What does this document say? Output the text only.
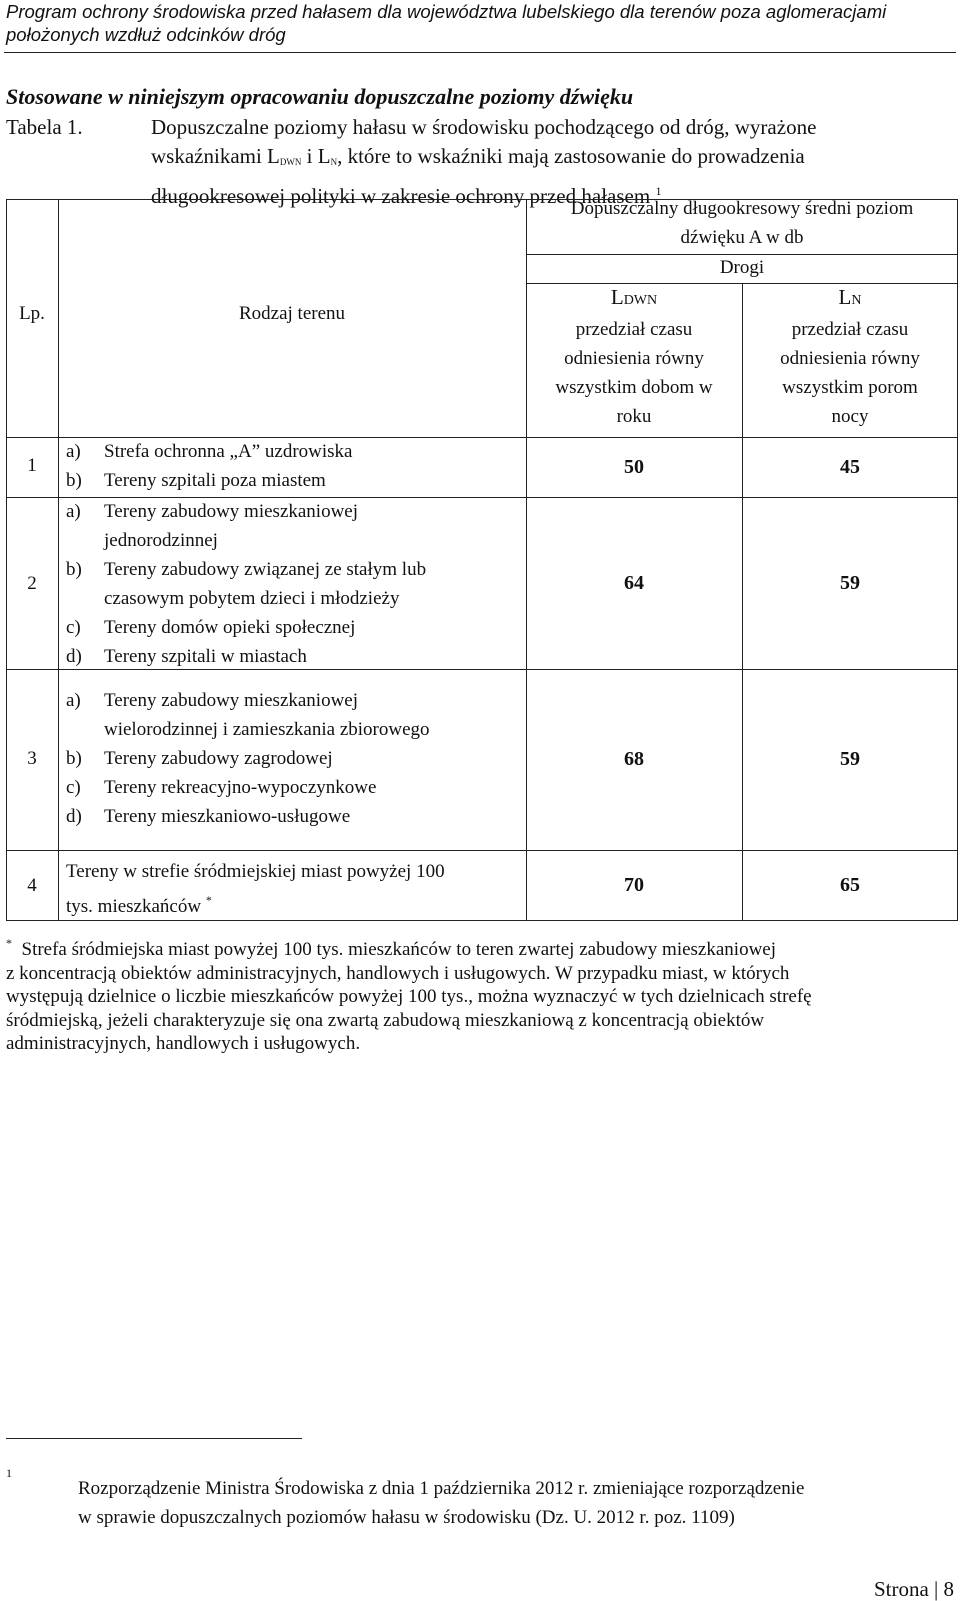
Program ochrony środowiska przed hałasem dla województwa lubelskiego dla terenów poza aglomeracjami
położonych wzdłuż odcinków dróg
Stosowane w niniejszym opracowaniu dopuszczalne poziomy dźwięku
Tabela 1.	Dopuszczalne poziomy hałasu w środowisku pochodzącego od dróg, wyrażone
wskaźnikami $L_{DWN}$ i $L_N$, które to wskaźniki mają zastosowanie do prowadzenia
długookresowej polityki w zakresie ochrony przed hałasem $^1$
Lp.	Rodzaj terenu
Dopuszczalny długookresowy średni poziom dźwięku A w db
Drogi
LDWN
przedział czasu odniesienia równy wszystkim dobom w roku
LN
przedział czasu odniesienia równy wszystkim porom nocy
1
a) Strefa ochronna „A” uzdrowiska
b) Tereny szpitali poza miastem
50	45
2
a) Tereny zabudowy mieszkaniowej
jednorodzinnej
b) Tereny zabudowy związanej ze stałym lub
czasowym pobytem dzieci i młodzieży
c) Tereny domów opieki społecznej
d) Tereny szpitali w miastach
64	59
3
a) Tereny zabudowy mieszkaniowej
wielorodzinnej i zamieszkania zbiorowego
b) Tereny zabudowy zagrodowej
c) Tereny rekreacyjno-wypoczynkowe
d) Tereny mieszkaniowo-usługowe
68	59
4
Tereny w strefie śródmiejskiej miast powyżej 100
tys. mieszkańców *
70	65
* Strefa śródmiejska miast powyżej 100 tys. mieszkańców to teren zwartej zabudowy mieszkaniowej
z koncentracją obiektów administracyjnych, handlowych i usługowych. W przypadku miast, w których
występują dzielnice o liczbie mieszkańców powyżej 100 tys., można wyznaczyć w tych dzielnicach strefę
śródmiejską, jeżeli charakteryzuje się ona zwartą zabudową mieszkaniową z koncentracją obiektów
administracyjnych, handlowych i usługowych.
1
Rozporządzenie Ministra Środowiska z dnia 1 października 2012 r. zmieniające rozporządzenie
w sprawie dopuszczalnych poziomów hałasu w środowisku (Dz. U. 2012 r. poz. 1109)
Strona | 8
